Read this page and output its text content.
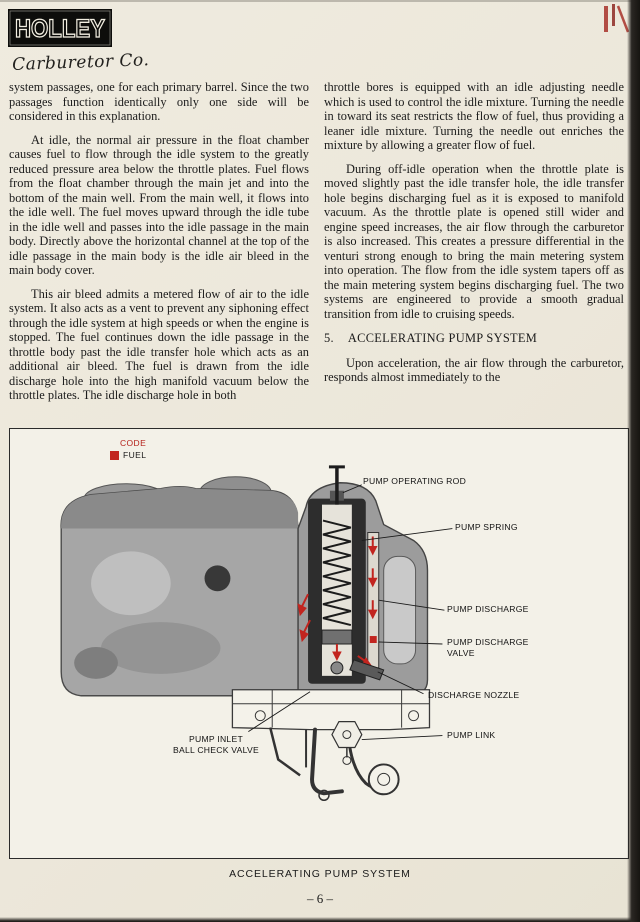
HOLLEY
Carburetor Co.

system passages, one for each primary barrel. Since the two passages function identically only one side will be considered in this explanation.

At idle, the normal air pressure in the float chamber causes fuel to flow through the idle system to the greatly reduced pressure area below the throttle plates. Fuel flows from the float chamber through the main jet and into the bottom of the main well. From the main well, it flows into the idle well. The fuel moves upward through the idle tube in the idle well and passes into the idle passage in the main body. Directly above the horizontal channel at the top of the idle passage in the main body is the idle air bleed in the main body cover.

This air bleed admits a metered flow of air to the idle system. It also acts as a vent to prevent any siphoning effect through the idle system at high speeds or when the engine is stopped. The fuel continues down the idle passage in the throttle body past the idle transfer hole which acts as an additional air bleed. The fuel is drawn from the idle discharge hole into the high manifold vacuum below the throttle plates. The idle discharge hole in both

throttle bores is equipped with an idle adjusting needle which is used to control the idle mixture. Turning the needle in toward its seat restricts the flow of fuel, thus providing a leaner idle mixture. Turning the needle out enriches the mixture by allowing a greater flow of fuel.

During off-idle operation when the throttle plate is moved slightly past the idle transfer hole, the idle transfer hole begins discharging fuel as it is exposed to manifold vacuum. As the throttle plate is opened still wider and engine speed increases, the air flow through the carburetor is also increased. This creates a pressure differential in the venturi strong enough to bring the main metering system into operation. The flow from the idle system tapers off as the main metering system begins discharging fuel. The two systems are engineered to provide a smooth gradual transition from idle to cruising speeds.

5. ACCELERATING PUMP SYSTEM

Upon acceleration, the air flow through the carburetor, responds almost immediately to the

CODE
FUEL
PUMP OPERATING ROD
PUMP SPRING
PUMP DISCHARGE
PUMP DISCHARGE
VALVE
DISCHARGE NOZZLE
PUMP LINK
PUMP INLET
BALL CHECK VALVE
ACCELERATING PUMP SYSTEM
– 6 –
